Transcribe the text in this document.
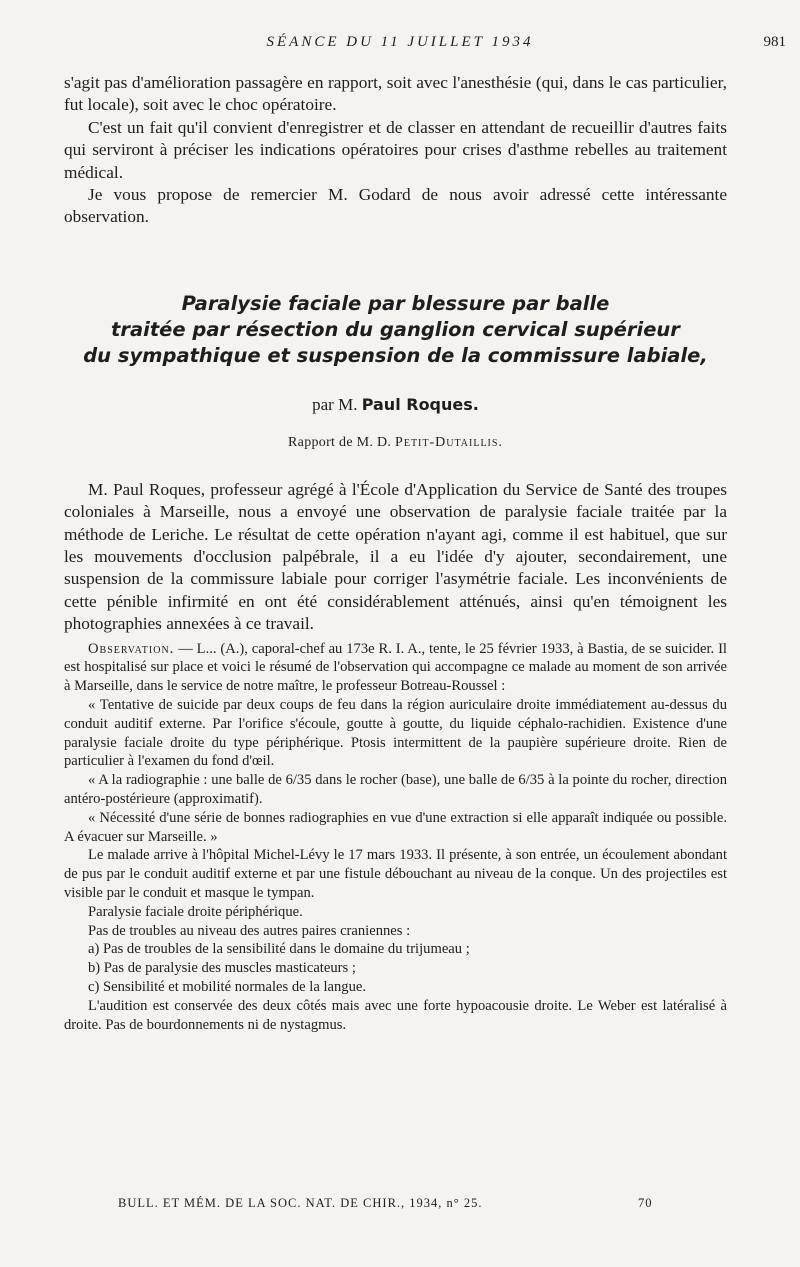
SÉANCE DU 11 JUILLET 1934	981

s'agit pas d'amélioration passagère en rapport, soit avec l'anesthésie (qui, dans le cas particulier, fut locale), soit avec le choc opératoire.

C'est un fait qu'il convient d'enregistrer et de classer en attendant de recueillir d'autres faits qui serviront à préciser les indications opératoires pour crises d'asthme rebelles au traitement médical.

Je vous propose de remercier M. Godard de nous avoir adressé cette intéressante observation.

Paralysie faciale par blessure par balle
traitée par résection du ganglion cervical supérieur
du sympathique et suspension de la commissure labiale,
par M. Paul Roques.
Rapport de M. D. Petit-Dutaillis.

M. Paul Roques, professeur agrégé à l'École d'Application du Service de Santé des troupes coloniales à Marseille, nous a envoyé une observation de paralysie faciale traitée par la méthode de Leriche. Le résultat de cette opération n'ayant agi, comme il est habituel, que sur les mouvements d'occlusion palpébrale, il a eu l'idée d'y ajouter, secondairement, une suspension de la commissure labiale pour corriger l'asymétrie faciale. Les inconvénients de cette pénible infirmité en ont été considérablement atténués, ainsi qu'en témoignent les photographies annexées à ce travail.

Observation. — L... (A.), caporal-chef au 173e R. I. A., tente, le 25 février 1933, à Bastia, de se suicider. Il est hospitalisé sur place et voici le résumé de l'observation qui accompagne ce malade au moment de son arrivée à Marseille, dans le service de notre maître, le professeur Botreau-Roussel :

« Tentative de suicide par deux coups de feu dans la région auriculaire droite immédiatement au-dessus du conduit auditif externe. Par l'orifice s'écoule, goutte à goutte, du liquide céphalo-rachidien. Existence d'une paralysie faciale droite du type périphérique. Ptosis intermittent de la paupière supérieure droite. Rien de particulier à l'examen du fond d'œil.

« A la radiographie : une balle de 6/35 dans le rocher (base), une balle de 6/35 à la pointe du rocher, direction antéro-postérieure (approximatif).

« Nécessité d'une série de bonnes radiographies en vue d'une extraction si elle apparaît indiquée ou possible. A évacuer sur Marseille. »

Le malade arrive à l'hôpital Michel-Lévy le 17 mars 1933. Il présente, à son entrée, un écoulement abondant de pus par le conduit auditif externe et par une fistule débouchant au niveau de la conque. Un des projectiles est visible par le conduit et masque le tympan.

Paralysie faciale droite périphérique.

Pas de troubles au niveau des autres paires craniennes :

a) Pas de troubles de la sensibilité dans le domaine du trijumeau ;

b) Pas de paralysie des muscles masticateurs ;

c) Sensibilité et mobilité normales de la langue.

L'audition est conservée des deux côtés mais avec une forte hypoacousie droite. Le Weber est latéralisé à droite. Pas de bourdonnements ni de nystagmus.

BULL. ET MÉM. DE LA SOC. NAT. DE CHIR., 1934, n° 25.	70
